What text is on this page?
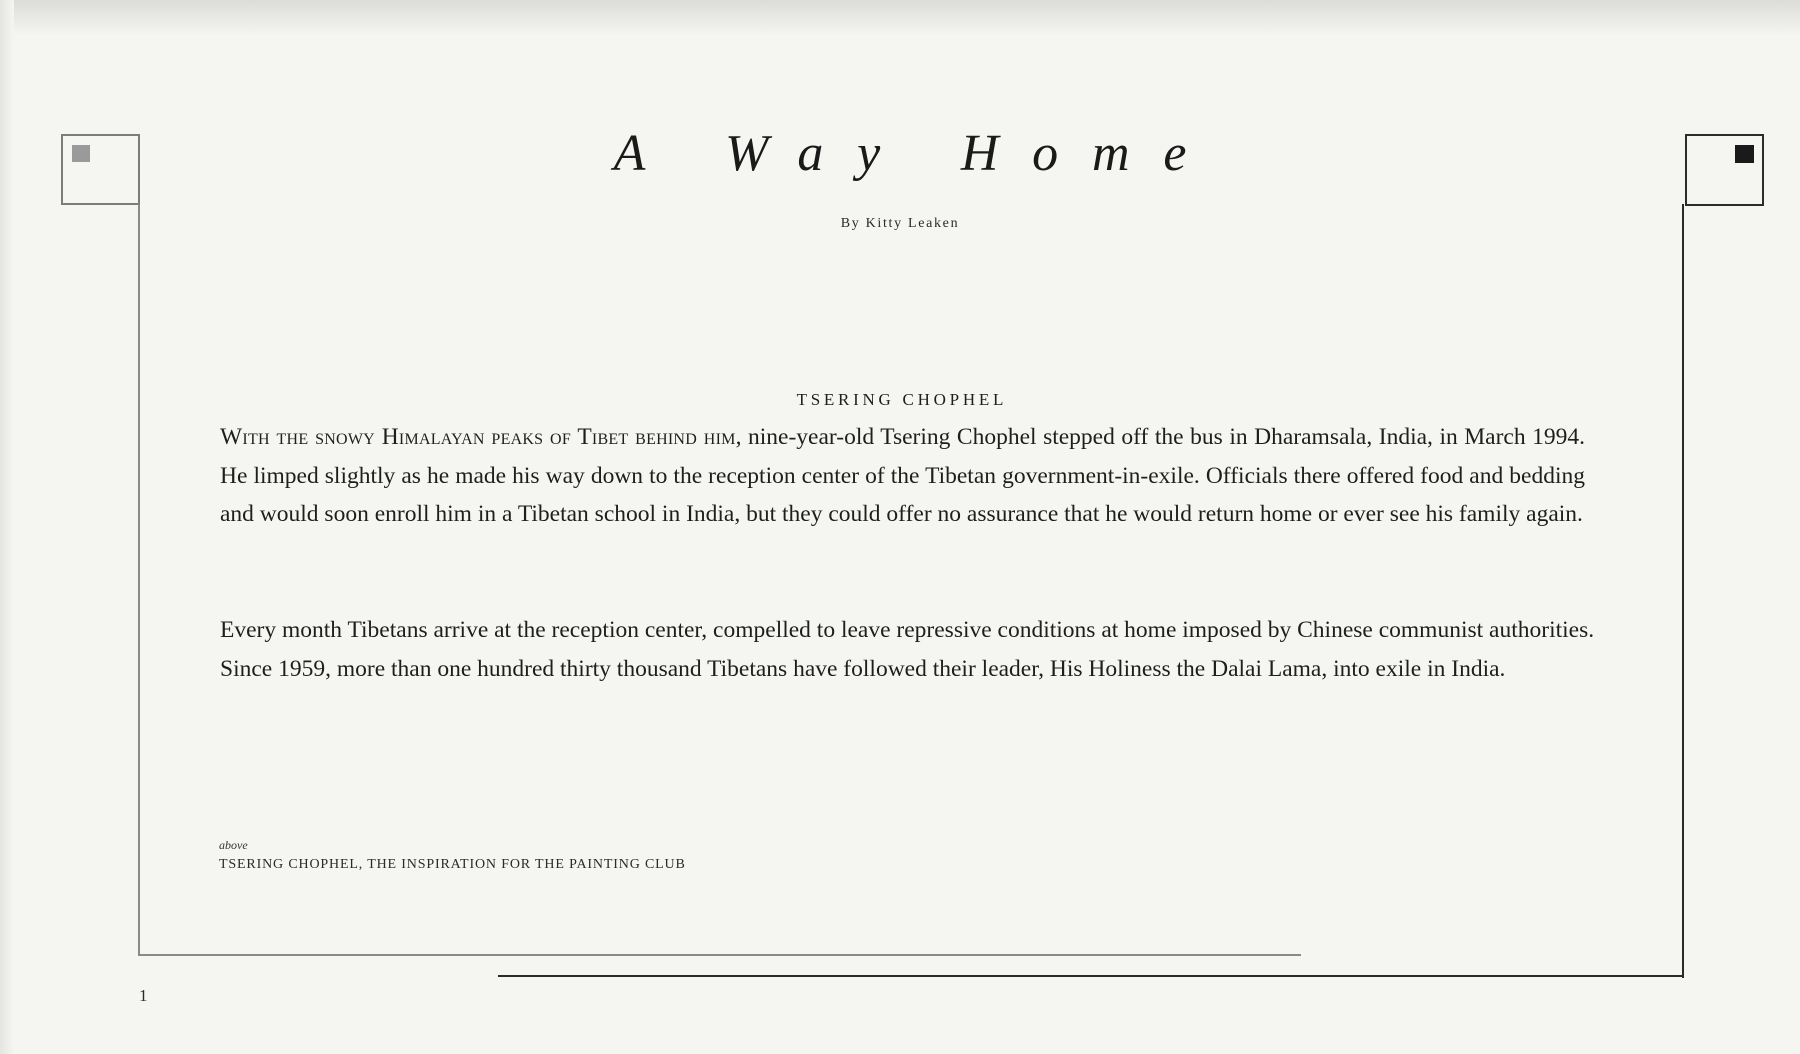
A Way Home

By Kitty Leaken

TSERING CHOPHEL

With the snowy Himalayan peaks of Tibet behind him, nine-year-old Tsering Chophel stepped off the bus in Dharamsala, India, in March 1994. He limped slightly as he made his way down to the reception center of the Tibetan government-in-exile. Officials there offered food and bedding and would soon enroll him in a Tibetan school in India, but they could offer no assurance that he would return home or ever see his family again.

Every month Tibetans arrive at the reception center, compelled to leave repressive conditions at home imposed by Chinese communist authorities. Since 1959, more than one hundred thirty thousand Tibetans have followed their leader, His Holiness the Dalai Lama, into exile in India.

above

TSERING CHOPHEL, THE INSPIRATION FOR THE PAINTING CLUB

1
